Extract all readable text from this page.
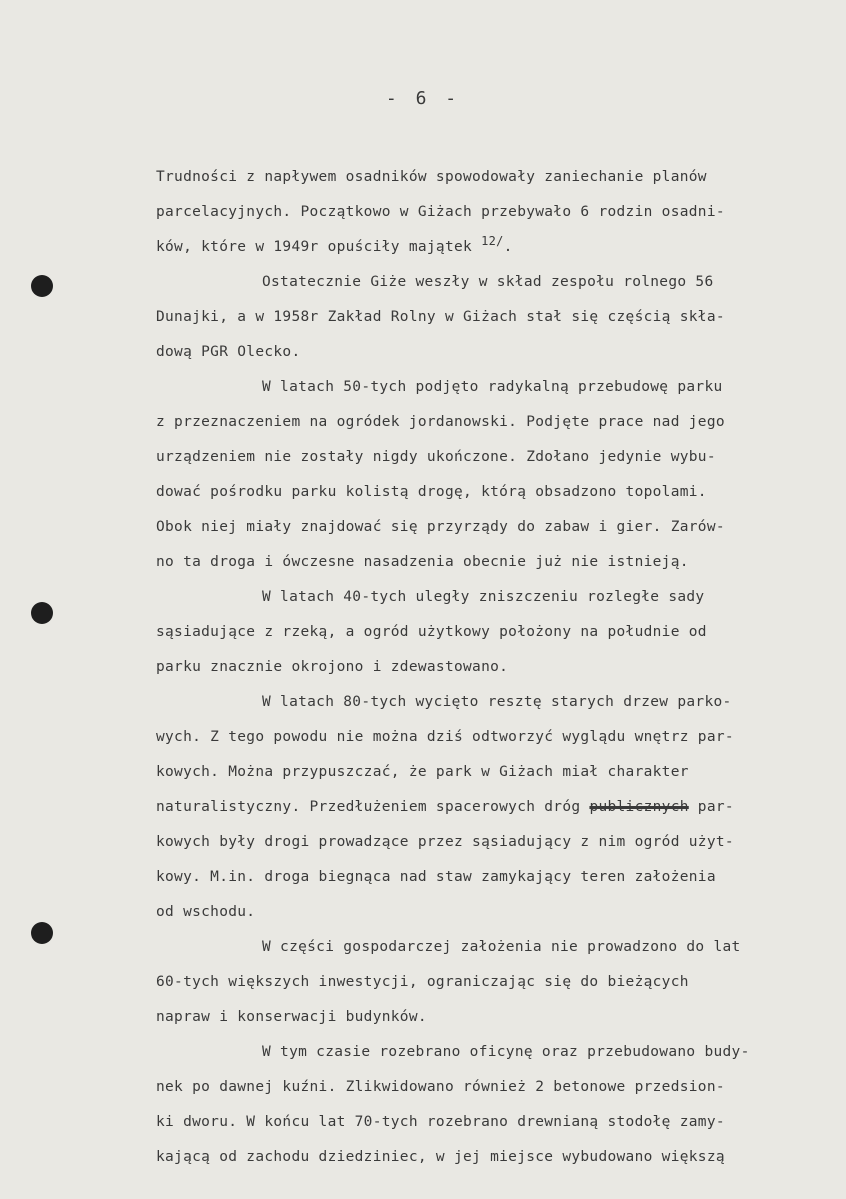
- 6 -
Trudności z napływem osadników spowodowały zaniechanie planów
parcelacyjnych. Początkowo w Giżach przebywało 6 rodzin osadni-
ków, które w 1949r opuściły majątek $^{12/}$.
Ostatecznie Giże weszły w skład zespołu rolnego 56
Dunajki, a w 1958r Zakład Rolny w Giżach stał się częścią skła-
dową PGR Olecko.
W latach 50-tych podjęto radykalną przebudowę parku
z przeznaczeniem na ogródek jordanowski. Podjęte prace nad jego
urządzeniem nie zostały nigdy ukończone. Zdołano jedynie wybu-
dować pośrodku parku kolistą drogę, którą obsadzono topolami.
Obok niej miały znajdować się przyrządy do zabaw i gier. Zarów-
no ta droga i ówczesne nasadzenia obecnie już nie istnieją.
W latach 40-tych uległy zniszczeniu rozległe sady
sąsiadujące z rzeką, a ogród użytkowy położony na południe od
parku znacznie okrojono i zdewastowano.
W latach 80-tych wycięto resztę starych drzew parko-
wych. Z tego powodu nie można dziś odtworzyć wyglądu wnętrz par-
kowych. Można przypuszczać, że park w Giżach miał charakter
naturalistyczny. Przedłużeniem spacerowych dróg publicznych par-
kowych były drogi prowadzące przez sąsiadujący z nim ogród użyt-
kowy. M.in. droga biegnąca nad staw zamykający teren założenia
od wschodu.
W części gospodarczej założenia nie prowadzono do lat
60-tych większych inwestycji, ograniczając się do bieżących
napraw i konserwacji budynków.
W tym czasie rozebrano oficynę oraz przebudowano budy-
nek po dawnej kuźni. Zlikwidowano również 2 betonowe przedsion-
ki dworu. W końcu lat 70-tych rozebrano drewnianą stodołę zamy-
kającą od zachodu dziedziniec, w jej miejsce wybudowano większą
